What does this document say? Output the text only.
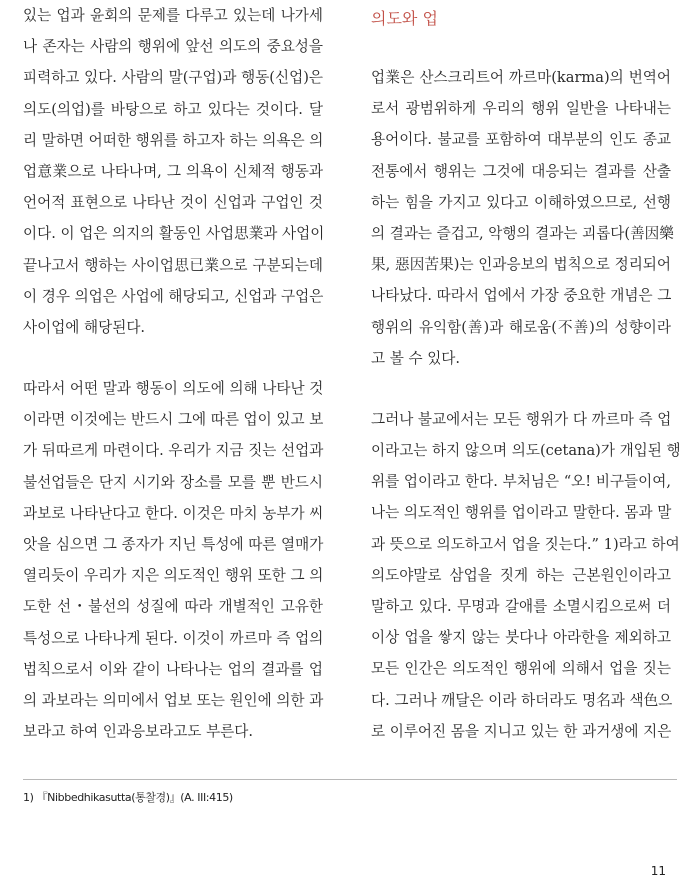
있는 업과 윤회의 문제를 다루고 있는데 나가세
나 존자는 사람의 행위에 앞선 의도의 중요성을
피력하고 있다. 사람의 말(구업)과 행동(신업)은
의도(의업)를 바탕으로 하고 있다는 것이다. 달
리 말하면 어떠한 행위를 하고자 하는 의욕은 의
업意業으로 나타나며, 그 의욕이 신체적 행동과
언어적 표현으로 나타난 것이 신업과 구업인 것
이다. 이 업은 의지의 활동인 사업思業과 사업이
끝나고서 행하는 사이업思已業으로 구분되는데
이 경우 의업은 사업에 해당되고, 신업과 구업은
사이업에 해당된다.
따라서 어떤 말과 행동이 의도에 의해 나타난 것
이라면 이것에는 반드시 그에 따른 업이 있고 보
가 뒤따르게 마련이다. 우리가 지금 짓는 선업과
불선업들은 단지 시기와 장소를 모를 뿐 반드시
과보로 나타난다고 한다. 이것은 마치 농부가 씨
앗을 심으면 그 종자가 지닌 특성에 따른 열매가
열리듯이 우리가 지은 의도적인 행위 또한 그 의
도한 선・불선의 성질에 따라 개별적인 고유한
특성으로 나타나게 된다. 이것이 까르마 즉 업의
법칙으로서 이와 같이 나타나는 업의 결과를 업
의 과보라는 의미에서 업보 또는 원인에 의한 과
보라고 하여 인과응보라고도 부른다.
의도와 업
업業은 산스크리트어 까르마(karma)의 번역어
로서 광범위하게 우리의 행위 일반을 나타내는
용어이다. 불교를 포함하여 대부분의 인도 종교
전통에서 행위는 그것에 대응되는 결과를 산출
하는 힘을 가지고 있다고 이해하였으므로, 선행
의 결과는 즐겁고, 악행의 결과는 괴롭다(善因樂
果, 惡因苦果)는 인과응보의 법칙으로 정리되어
나타났다. 따라서 업에서 가장 중요한 개념은 그
행위의 유익함(善)과 해로움(不善)의 성향이라
고 볼 수 있다.
그러나 불교에서는 모든 행위가 다 까르마 즉 업
이라고는 하지 않으며 의도(cetana)가 개입된 행
위를 업이라고 한다. 부처님은 “오! 비구들이여,
나는 의도적인 행위를 업이라고 말한다. 몸과 말
과 뜻으로 의도하고서 업을 짓는다.” 1)라고 하여
의도야말로 삼업을 짓게 하는 근본원인이라고
말하고 있다. 무명과 갈애를 소멸시킴으로써 더
이상 업을 쌓지 않는 붓다나 아라한을 제외하고
모든 인간은 의도적인 행위에 의해서 업을 짓는
다. 그러나 깨달은 이라 하더라도 명名과 색色으
로 이루어진 몸을 지니고 있는 한 과거생에 지은
1) 『Nibbedhikasutta(통찰경)』(A. III:415)
11
